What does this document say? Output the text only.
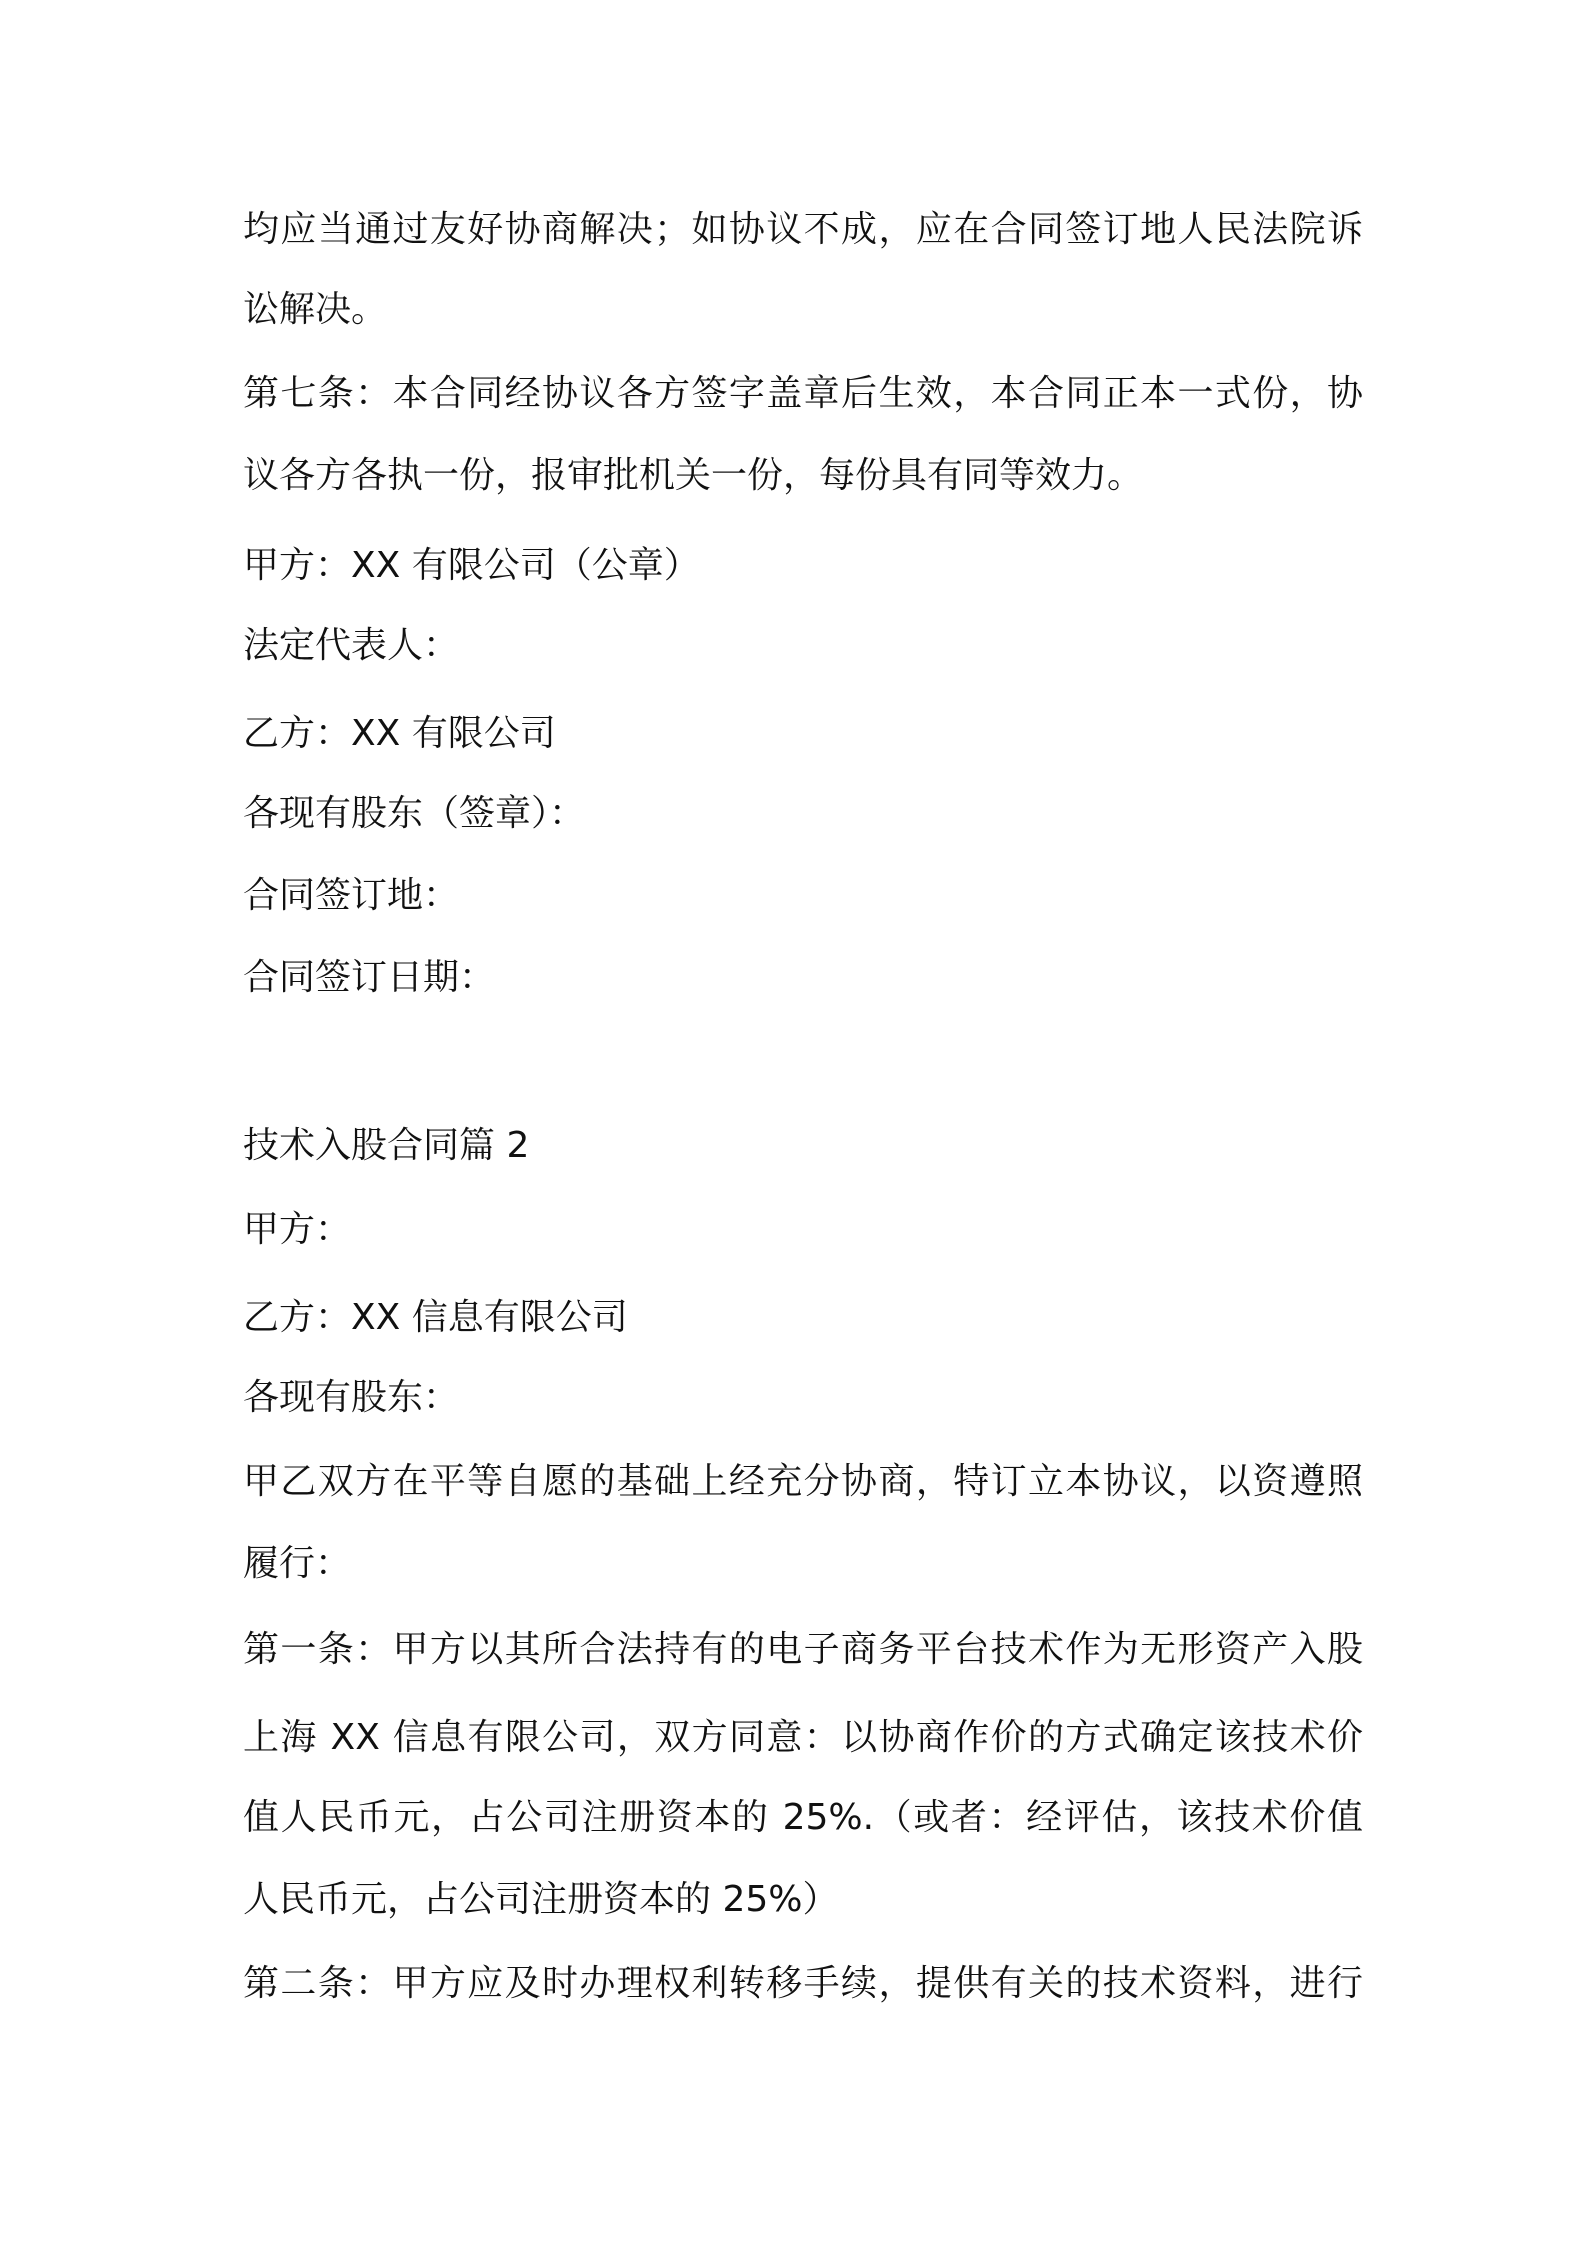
均应当通过友好协商解决；如协议不成，应在合同签订地人民法院诉
讼解决。
第七条：本合同经协议各方签字盖章后生效，本合同正本一式份，协
议各方各执一份，报审批机关一份，每份具有同等效力。
甲方：XX 有限公司（公章）
法定代表人：
乙方：XX 有限公司
各现有股东（签章）：
合同签订地：
合同签订日期：
技术入股合同篇 2
甲方：
乙方：XX 信息有限公司
各现有股东：
甲乙双方在平等自愿的基础上经充分协商，特订立本协议，以资遵照
履行：
第一条：甲方以其所合法持有的电子商务平台技术作为无形资产入股
上海 XX 信息有限公司，双方同意：以协商作价的方式确定该技术价
值人民币元，占公司注册资本的 25%.（或者：经评估，该技术价值
人民币元，占公司注册资本的 25%）
第二条：甲方应及时办理权利转移手续，提供有关的技术资料，进行
